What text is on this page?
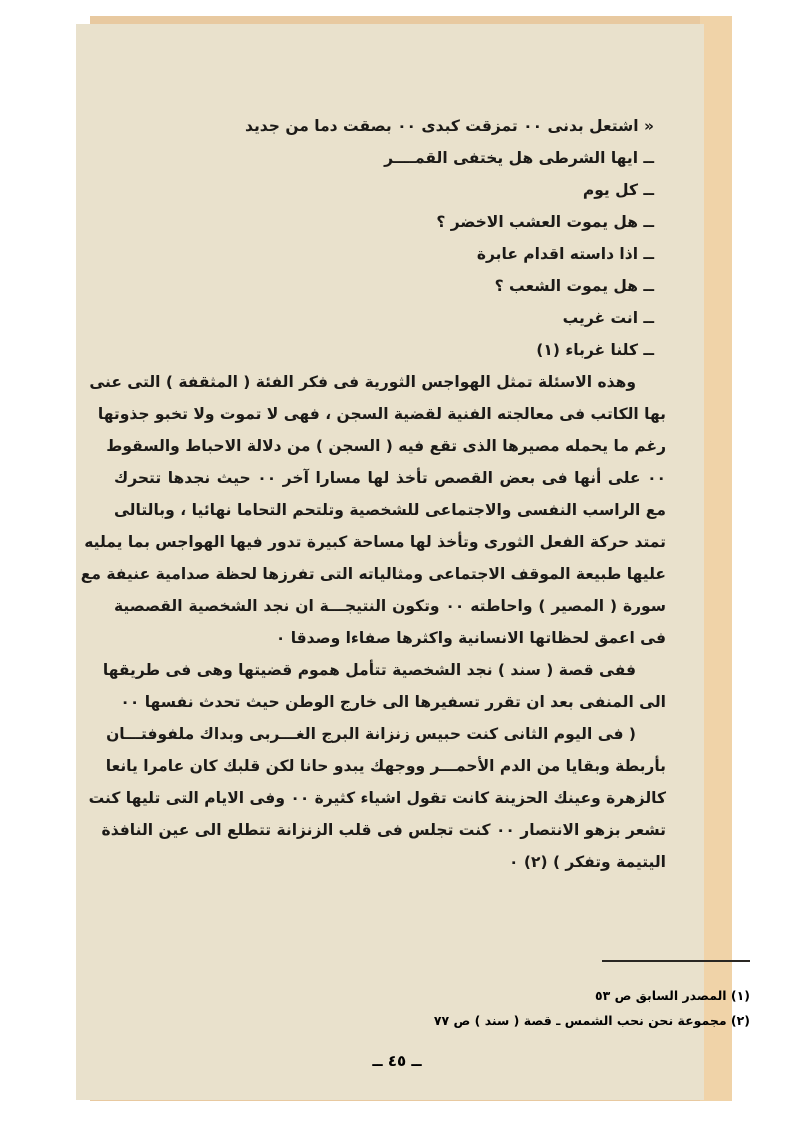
« اشتعل بدنى ٠٠ تمزقت كبدى ٠٠ بصقت دما من جديد
ــ ايها الشرطى هل يختفى القمــــر
ــ كل يوم
ــ هل يموت العشب الاخضر ؟
ــ اذا داسته اقدام عابرة
ــ هل يموت الشعب ؟
ــ انت غريب
ــ كلنا غرباء (١)
وهذه الاسئلة تمثل الهواجس الثورية فى فكر الفئة ( المثقفة ) التى عنى
بها الكاتب فى معالجته الفنية لقضية السجن ، فهى لا تموت ولا تخبو جذوتها
رغم ما يحمله مصيرها الذى تقع فيه ( السجن ) من دلالة الاحباط والسقوط
٠٠ على أنها فى بعض القصص تأخذ لها مسارا آخر ٠٠ حيث نجدها تتحرك
مع الراسب النفسى والاجتماعى للشخصية وتلتحم التحاما نهائيا ، وبالتالى
تمتد حركة الفعل الثورى وتأخذ لها مساحة كبيرة تدور فيها الهواجس بما يمليه
عليها طبيعة الموقف الاجتماعى ومثالياته التى تفرزها لحظة صدامية عنيفة مع
سورة ( المصير ) واحاطته ٠٠ وتكون النتيجـــة ان نجد الشخصية القصصية
فى اعمق لحظاتها الانسانية واكثرها صفاءا وصدقا ٠
ففى قصة ( سند ) نجد الشخصية تتأمل هموم قضيتها وهى فى طريقها
الى المنفى بعد ان تقرر تسفيرها الى خارج الوطن حيث تحدث نفسها ٠٠
( فى اليوم الثانى كنت حبيس زنزانة البرج الغـــربى وبداك ملفوفتـــان
بأربطة وبقايا من الدم الأحمـــر ووجهك يبدو حانا لكن قلبك كان عامرا يانعا
كالزهرة وعينك الحزينة كانت تقول اشياء كثيرة ٠٠ وفى الايام التى تليها كنت
تشعر بزهو الانتصار ٠٠ كنت تجلس فى قلب الزنزانة تتطلع الى عين النافذة
اليتيمة وتفكر ) (٢) ٠
(١) المصدر السابق ص ٥٣
(٢) مجموعة نحن نحب الشمس ـ قصة ( سند ) ص ٧٧
ــ ٤٥ ــ
